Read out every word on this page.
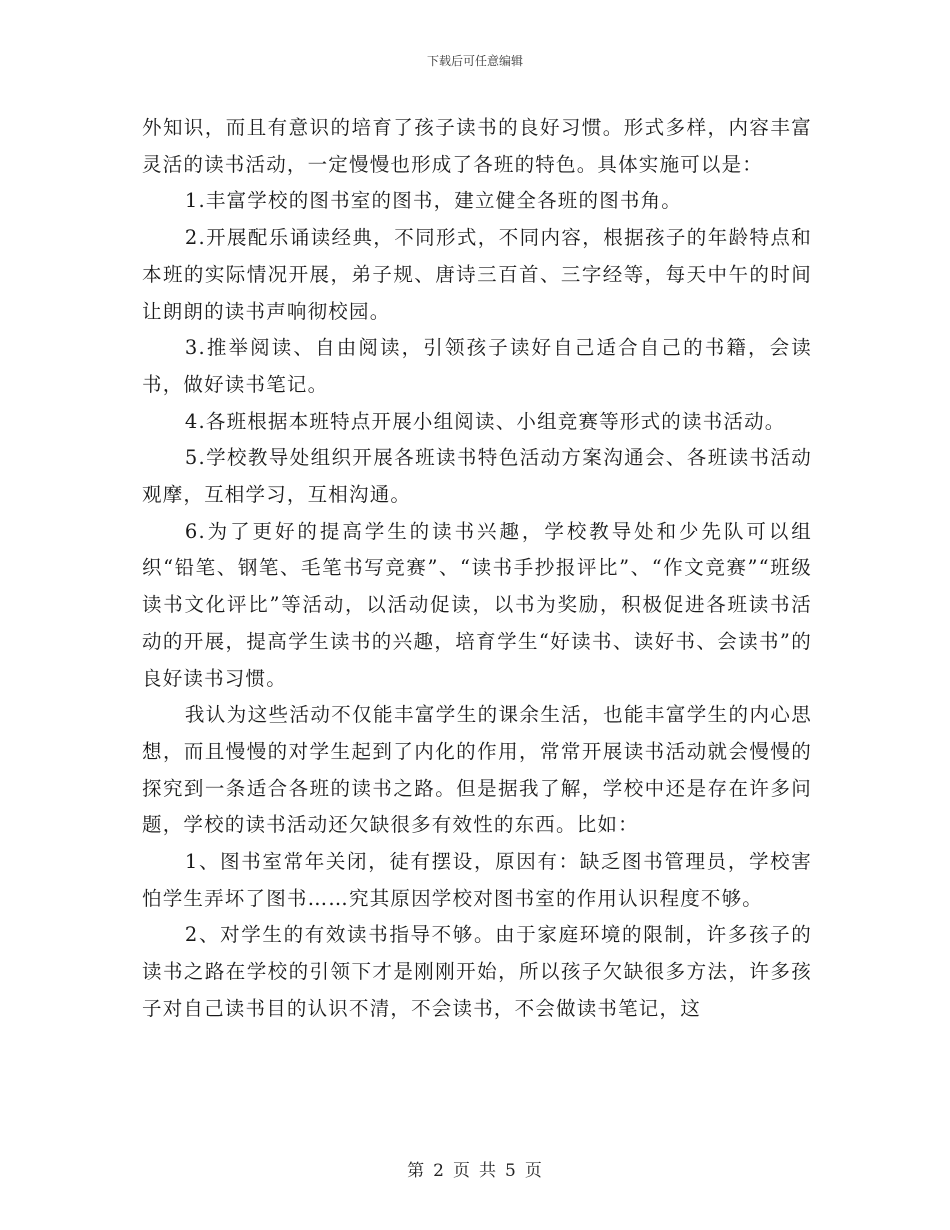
下载后可任意编辑

外知识，而且有意识的培育了孩子读书的良好习惯。形式多样，内容丰富灵活的读书活动，一定慢慢也形成了各班的特色。具体实施可以是：

1.丰富学校的图书室的图书，建立健全各班的图书角。

2.开展配乐诵读经典，不同形式，不同内容，根据孩子的年龄特点和本班的实际情况开展，弟子规、唐诗三百首、三字经等，每天中午的时间让朗朗的读书声响彻校园。

3.推举阅读、自由阅读，引领孩子读好自己适合自己的书籍，会读书，做好读书笔记。

4.各班根据本班特点开展小组阅读、小组竞赛等形式的读书活动。

5.学校教导处组织开展各班读书特色活动方案沟通会、各班读书活动观摩，互相学习，互相沟通。

6.为了更好的提高学生的读书兴趣，学校教导处和少先队可以组织“铅笔、钢笔、毛笔书写竞赛”、“读书手抄报评比”、“作文竞赛”“班级读书文化评比”等活动，以活动促读，以书为奖励，积极促进各班读书活动的开展，提高学生读书的兴趣，培育学生“好读书、读好书、会读书”的良好读书习惯。

我认为这些活动不仅能丰富学生的课余生活，也能丰富学生的内心思想，而且慢慢的对学生起到了内化的作用，常常开展读书活动就会慢慢的探究到一条适合各班的读书之路。但是据我了解，学校中还是存在许多问题，学校的读书活动还欠缺很多有效性的东西。比如：

1、图书室常年关闭，徒有摆设，原因有：缺乏图书管理员，学校害怕学生弄坏了图书……究其原因学校对图书室的作用认识程度不够。

2、对学生的有效读书指导不够。由于家庭环境的限制，许多孩子的读书之路在学校的引领下才是刚刚开始，所以孩子欠缺很多方法，许多孩子对自己读书目的认识不清，不会读书，不会做读书笔记，这

第 2 页 共 5 页
